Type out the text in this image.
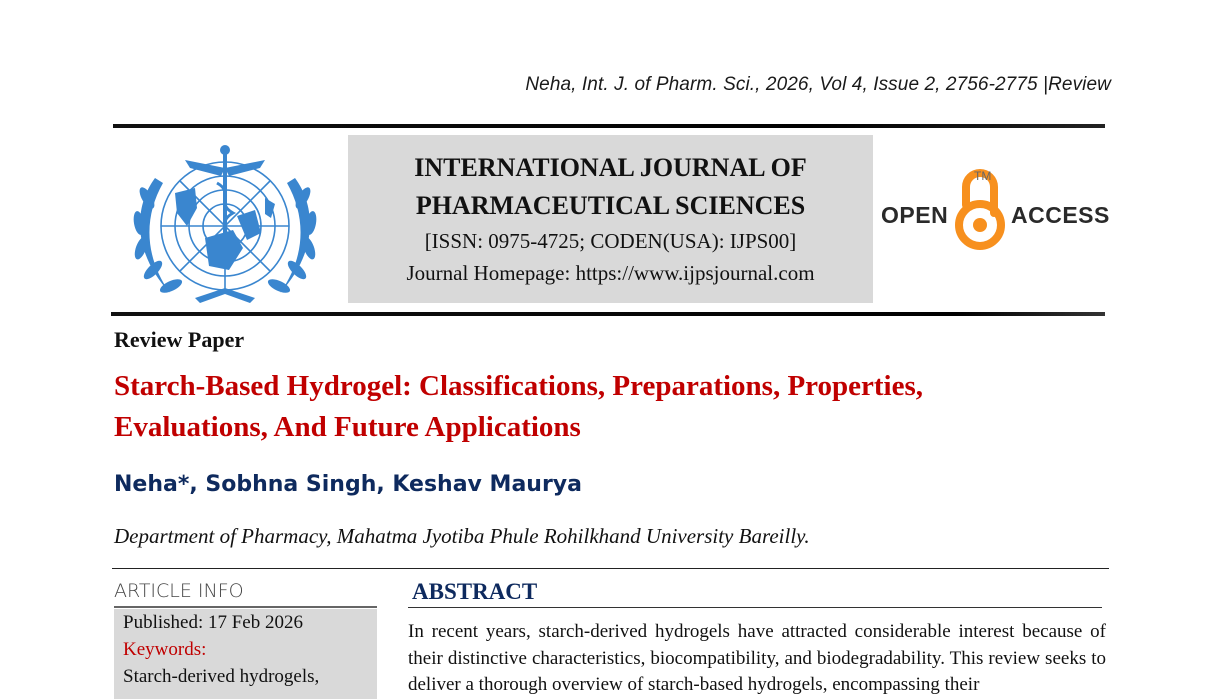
Neha, Int. J. of Pharm. Sci., 2026, Vol 4, Issue 2, 2756-2775 |Review
INTERNATIONAL JOURNAL OF
PHARMACEUTICAL SCIENCES
[ISSN: 0975-4725; CODEN(USA): IJPS00]
Journal Homepage: https://www.ijpsjournal.com
OPEN
TM
ACCESS
Review Paper
Starch-Based Hydrogel: Classifications, Preparations, Properties, Evaluations, And Future Applications
Neha*, Sobhna Singh, Keshav Maurya
Department of Pharmacy, Mahatma Jyotiba Phule Rohilkhand University Bareilly.
ARTICLE INFO
Published: 17 Feb 2026
Keywords:
Starch-derived hydrogels,
ABSTRACT
In recent years, starch-derived hydrogels have attracted considerable interest because of their distinctive characteristics, biocompatibility, and biodegradability. This review seeks to deliver a thorough overview of starch-based hydrogels, encompassing their
